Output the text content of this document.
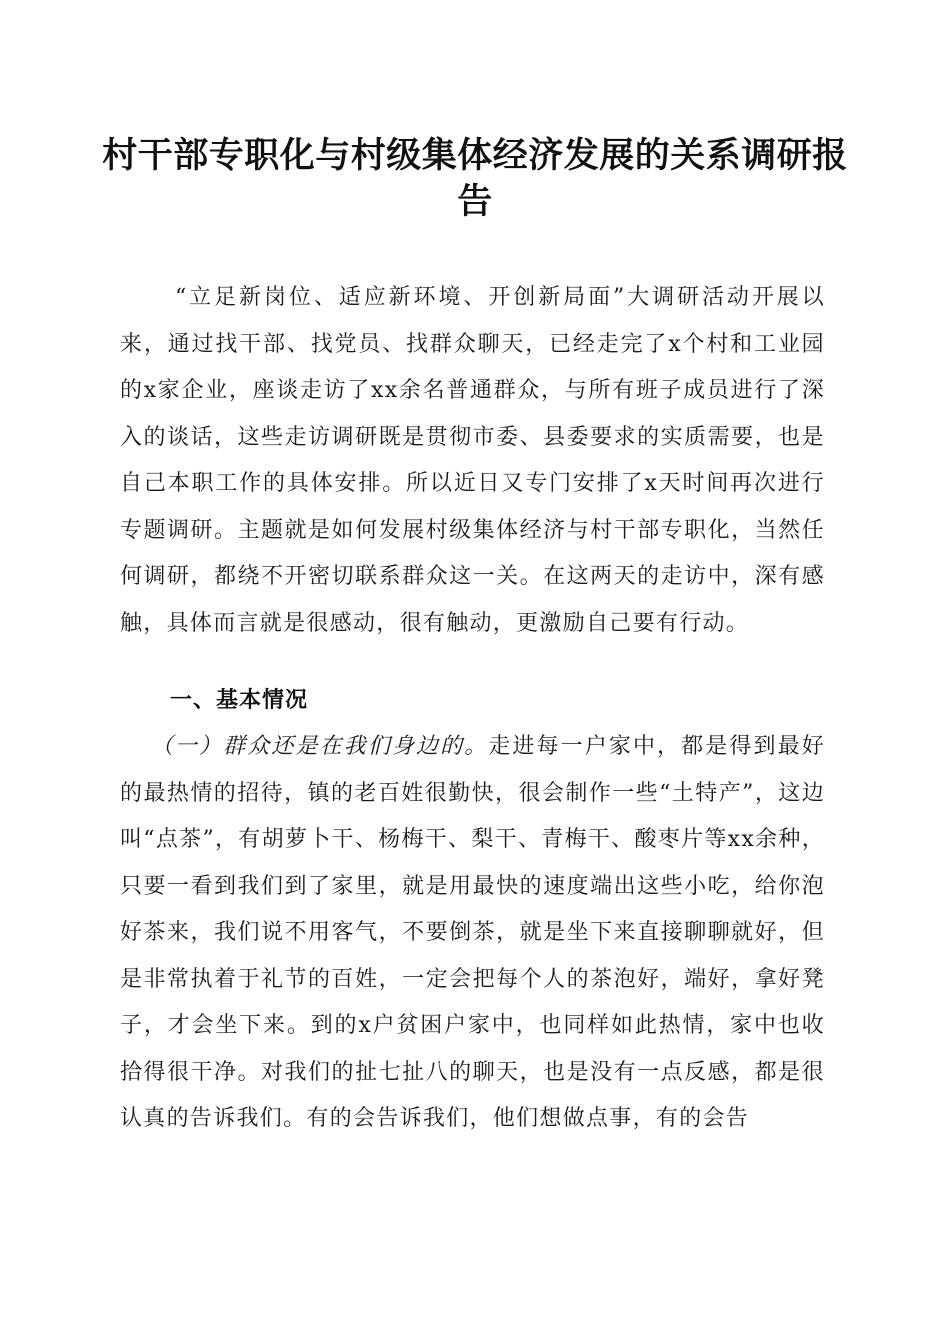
村干部专职化与村级集体经济发展的关系调研报告
“立足新岗位、适应新环境、开创新局面”大调研活动开展以来，通过找干部、找党员、找群众聊天，已经走完了x个村和工业园的x家企业，座谈走访了xx余名普通群众，与所有班子成员进行了深入的谈话，这些走访调研既是贯彻市委、县委要求的实质需要，也是自己本职工作的具体安排。所以近日又专门安排了x天时间再次进行专题调研。主题就是如何发展村级集体经济与村干部专职化，当然任何调研，都绕不开密切联系群众这一关。在这两天的走访中，深有感触，具体而言就是很感动，很有触动，更激励自己要有行动。
一、基本情况
（一）群众还是在我们身边的。走进每一户家中，都是得到最好的最热情的招待，镇的老百姓很勤快，很会制作一些“土特产”，这边叫“点茶”，有胡萝卜干、杨梅干、梨干、青梅干、酸枣片等xx余种，只要一看到我们到了家里，就是用最快的速度端出这些小吃，给你泡好茶来，我们说不用客气，不要倒茶，就是坐下来直接聊聊就好，但是非常执着于礼节的百姓，一定会把每个人的茶泡好，端好，拿好凳子，才会坐下来。到的x户贫困户家中，也同样如此热情，家中也收拾得很干净。对我们的扯七扯八的聊天，也是没有一点反感，都是很认真的告诉我们。有的会告诉我们，他们想做点事，有的会告
